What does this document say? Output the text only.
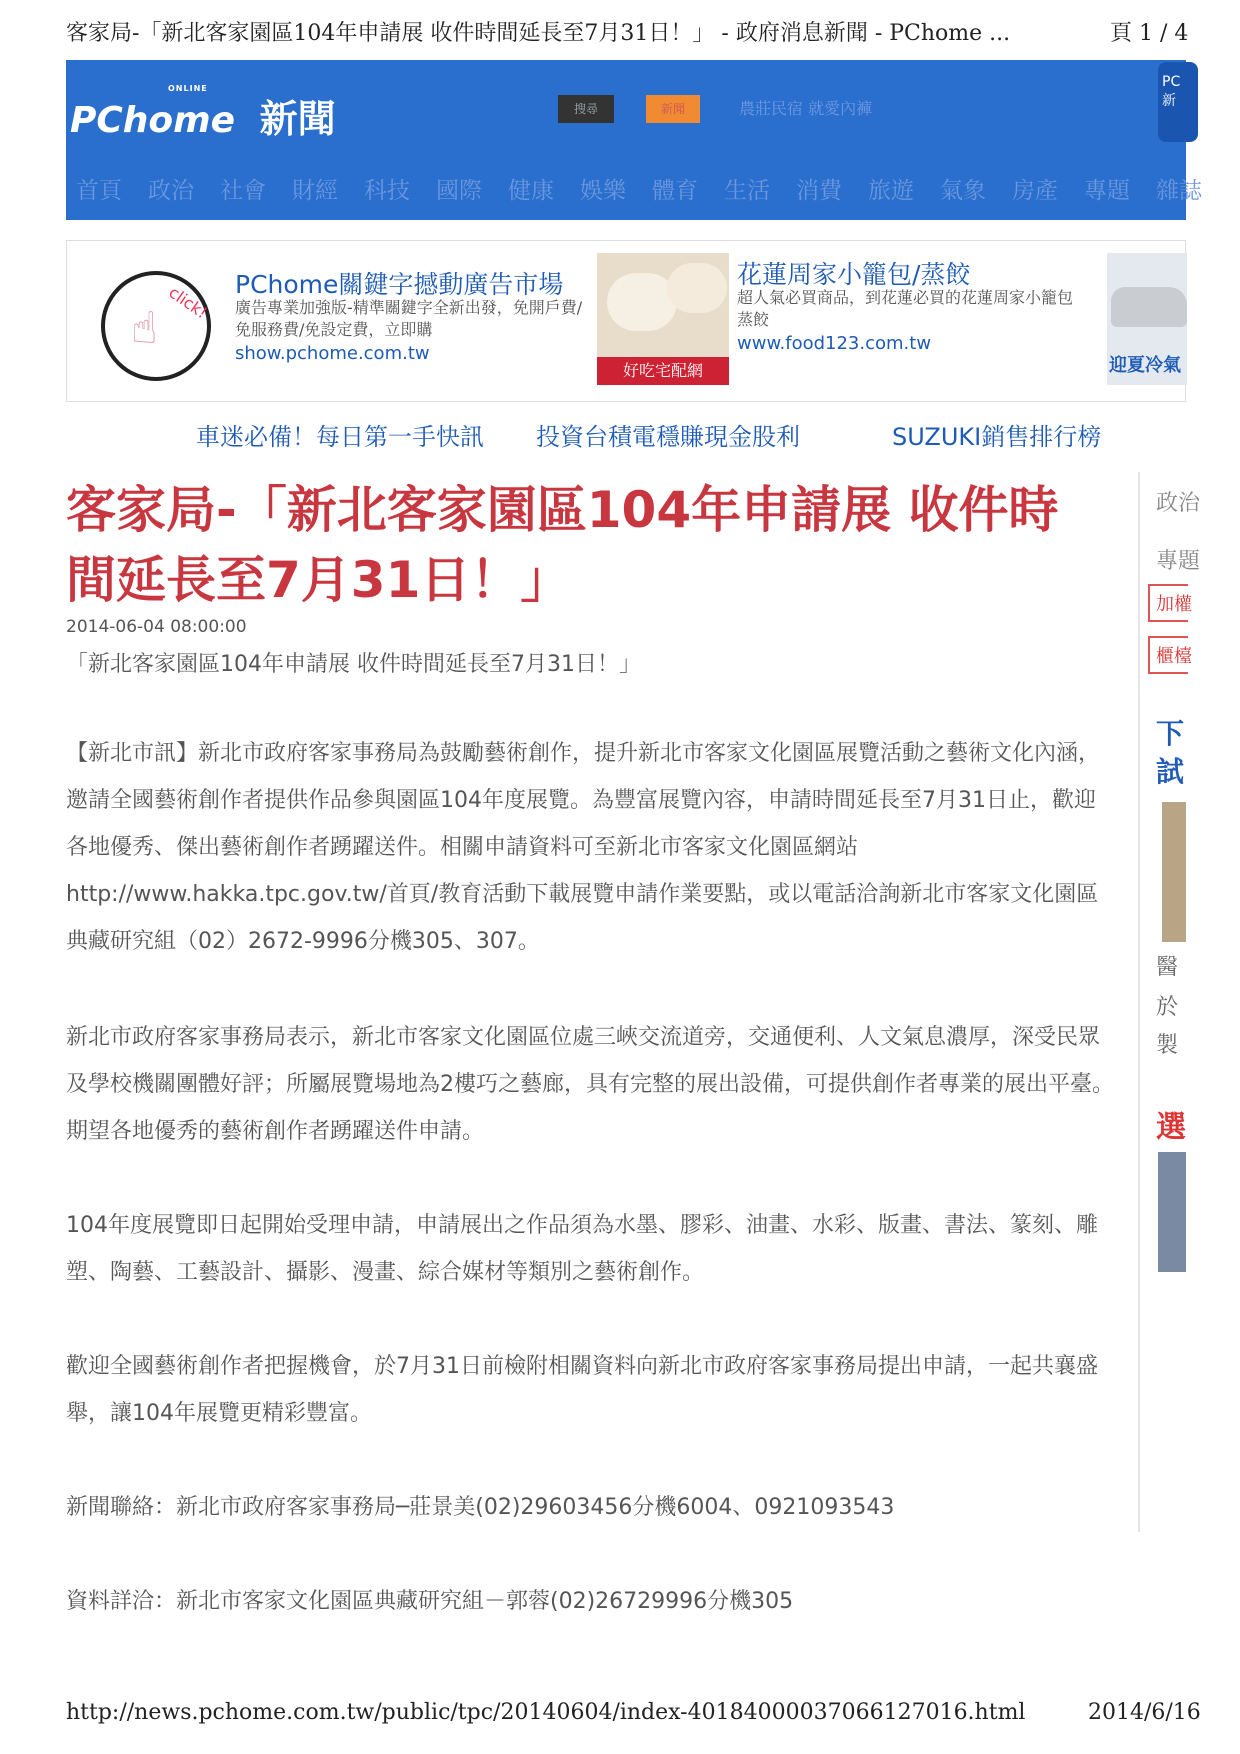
客家局-「新北客家園區104年申請展 收件時間延長至7月31日！」 - 政府消息新聞 - PChome ...	頁 1 / 4
PChome
ONLINE
新聞	搜尋	新聞	農莊民宿 就愛內褲
PC 新
首頁	政治	社會	財經	科技	國際	健康	娛樂	體育	生活	消費	旅遊	氣象	房產	專題	雜誌
click!
☝
PChome關鍵字撼動廣告市場
廣告專業加強版-精準關鍵字全新出發，免開戶費/免服務費/免設定費，立即購
show.pchome.com.tw
好吃宅配網
花蓮周家小籠包/蒸餃
超人氣必買商品，到花蓮必買的花蓮周家小籠包蒸餃
www.food123.com.tw
迎夏冷氣
車迷必備！每日第一手快訊 投資台積電穩賺現金股利	SUZUKI銷售排行榜
客家局-「新北客家園區104年申請展 收件時間延長至7月31日！」
2014-06-04 08:00:00
「新北客家園區104年申請展 收件時間延長至7月31日！」
【新北市訊】新北市政府客家事務局為鼓勵藝術創作，提升新北市客家文化園區展覽活動之藝術文化內涵，邀請全國藝術創作者提供作品參與園區104年度展覽。為豐富展覽內容，申請時間延長至7月31日止，歡迎各地優秀、傑出藝術創作者踴躍送件。相關申請資料可至新北市客家文化園區網站http://www.hakka.tpc.gov.tw/首頁/教育活動下載展覽申請作業要點，或以電話洽詢新北市客家文化園區典藏研究組（02）2672-9996分機305、307。
新北市政府客家事務局表示，新北市客家文化園區位處三峽交流道旁，交通便利、人文氣息濃厚，深受民眾及學校機關團體好評；所屬展覽場地為2樓巧之藝廊，具有完整的展出設備，可提供創作者專業的展出平臺。期望各地優秀的藝術創作者踴躍送件申請。
104年度展覽即日起開始受理申請，申請展出之作品須為水墨、膠彩、油畫、水彩、版畫、書法、篆刻、雕塑、陶藝、工藝設計、攝影、漫畫、綜合媒材等類別之藝術創作。
歡迎全國藝術創作者把握機會，於7月31日前檢附相關資料向新北市政府客家事務局提出申請，一起共襄盛舉，讓104年展覽更精彩豐富。
新聞聯絡：新北市政府客家事務局─莊景美(02)29603456分機6004、0921093543
資料詳洽：新北市客家文化園區典藏研究組－郭蓉(02)26729996分機305
政治
專題
加權
櫃檯
下
試
醫
於
製
選
http://news.pchome.com.tw/public/tpc/20140604/index-40184000037066127016.html	2014/6/16
